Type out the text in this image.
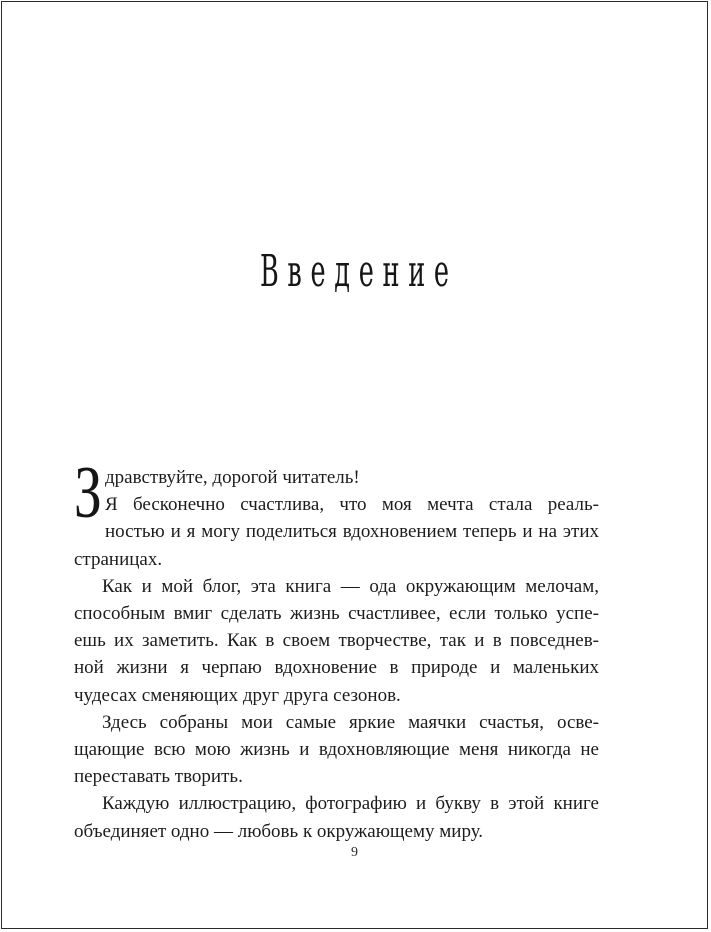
Введение

З дравствуйте, дорогой читатель!
Я бесконечно счастлива, что моя мечта стала реаль-
ностью и я могу поделиться вдохновением теперь и на этих
страницах.

Как и мой блог, эта книга — ода окружающим мелочам,
способным вмиг сделать жизнь счастливее, если только успе-
ешь их заметить. Как в своем творчестве, так и в повседнев-
ной жизни я черпаю вдохновение в природе и маленьких
чудесах сменяющих друг друга сезонов.

Здесь собраны мои самые яркие маячки счастья, осве-
щающие всю мою жизнь и вдохновляющие меня никогда не
переставать творить.

Каждую иллюстрацию, фотографию и букву в этой книге
объединяет одно — любовь к окружающему миру.

9
